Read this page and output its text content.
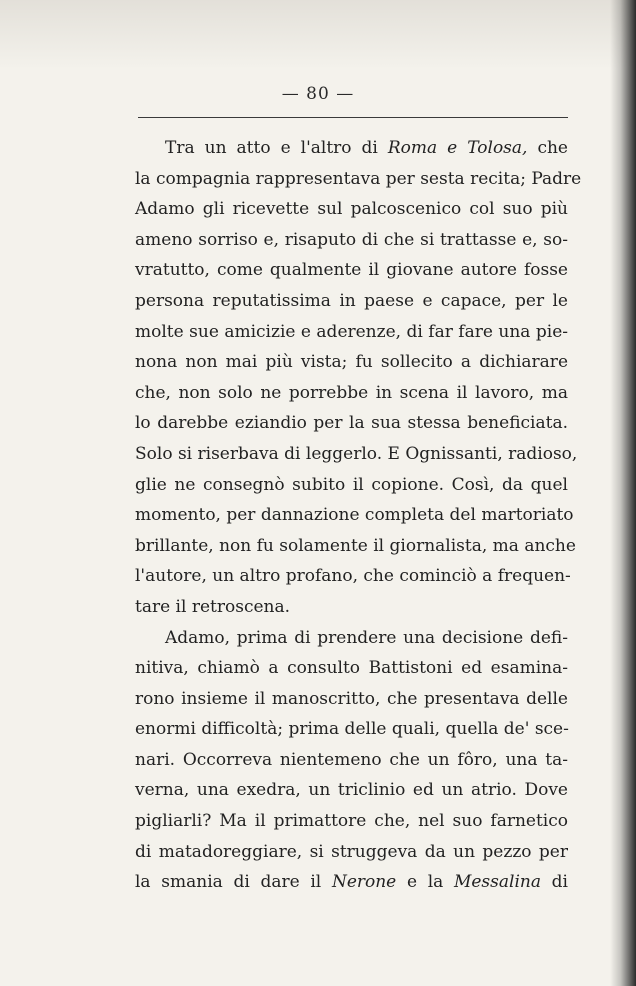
— 80 —
Tra un atto e l'altro di Roma e Tolosa, che
la compagnia rappresentava per sesta recita; Padre
Adamo gli ricevette sul palcoscenico col suo più
ameno sorriso e, risaputo di che si trattasse e, so-
vratutto, come qualmente il giovane autore fosse
persona reputatissima in paese e capace, per le
molte sue amicizie e aderenze, di far fare una pie-
nona non mai più vista; fu sollecito a dichiarare
che, non solo ne porrebbe in scena il lavoro, ma
lo darebbe eziandio per la sua stessa beneficiata.
Solo si riserbava di leggerlo. E Ognissanti, radioso,
glie ne consegnò subito il copione. Così, da quel
momento, per dannazione completa del martoriato
brillante, non fu solamente il giornalista, ma anche
l'autore, un altro profano, che cominciò a frequen-
tare il retroscena.
Adamo, prima di prendere una decisione defi-
nitiva, chiamò a consulto Battistoni ed esamina-
rono insieme il manoscritto, che presentava delle
enormi difficoltà; prima delle quali, quella de' sce-
nari. Occorreva nientemeno che un fôro, una ta-
verna, una exedra, un triclinio ed un atrio. Dove
pigliarli? Ma il primattore che, nel suo farnetico
di matadoreggiare, si struggeva da un pezzo per
la smania di dare il Nerone e la Messalina di
